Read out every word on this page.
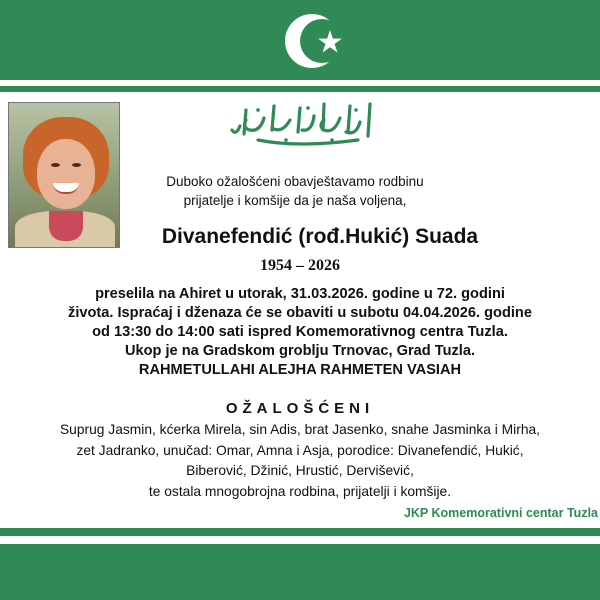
Duboko ožalošćeni obavještavamo rodbinu
prijatelje i komšije da je naša voljena,
Divanefendić (rođ.Hukić) Suada
1954 – 2026
preselila na Ahiret u utorak, 31.03.2026. godine u 72. godini
života. Ispraćaj i dženaza će se obaviti u subotu 04.04.2026. godine
od 13:30 do 14:00 sati ispred Komemorativnog centra Tuzla.
Ukop je na Gradskom groblju Trnovac, Grad Tuzla.
RAHMETULLAHI ALEJHA RAHMETEN VASIAH
OŽALOŠĆENI
Suprug Jasmin, kćerka Mirela, sin Adis, brat Jasenko, snahe Jasminka i Mirha,
zet Jadranko, unučad: Omar, Amna i Asja, porodice: Divanefendić, Hukić,
Biberović, Džinić, Hrustić, Dervišević,
te ostala mnogobrojna rodbina, prijatelji i komšije.
JKP Komemorativni centar Tuzla
